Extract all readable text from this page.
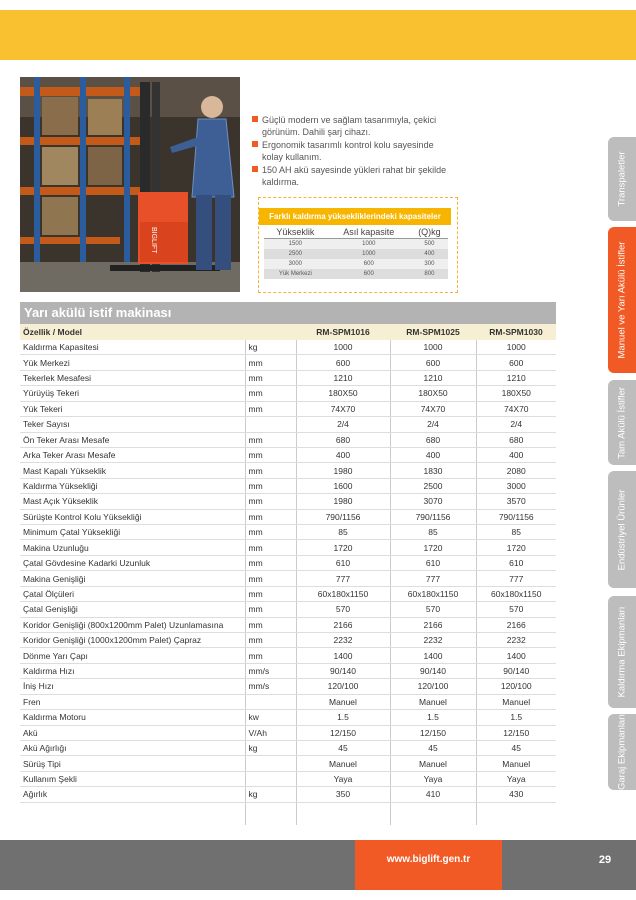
BIGLIFT
Güçlü modern ve sağlam tasarımıyla, çekici görünüm. Dahili şarj cihazı.
Ergonomik tasarımlı kontrol kolu sayesinde kolay kullanım.
150 AH akü sayesinde yükleri rahat bir şekilde kaldırma.
Farklı kaldırma yüksekliklerindeki kapasiteler
Yükseklik	Asıl kapasite	(Q)kg
1500	1000	500
2500	1000	400
3000	600	300
Yük Merkezi	600	800
Yarı akülü istif makinası
Özellik / Model		RM-SPM1016	RM-SPM1025	RM-SPM1030
Kaldırma Kapasitesi	kg	1000	1000	1000
Yük Merkezi	mm	600	600	600
Tekerlek Mesafesi	mm	1210	1210	1210
Yürüyüş Tekeri	mm	180X50	180X50	180X50
Yük Tekeri	mm	74X70	74X70	74X70
Teker Sayısı		2/4	2/4	2/4
Ön Teker Arası Mesafe	mm	680	680	680
Arka Teker Arası Mesafe	mm	400	400	400
Mast Kapalı Yükseklik	mm	1980	1830	2080
Kaldırma Yüksekliği	mm	1600	2500	3000
Mast Açık Yükseklik	mm	1980	3070	3570
Sürüşte Kontrol Kolu Yüksekliği	mm	790/1156	790/1156	790/1156
Minimum Çatal Yüksekliği	mm	85	85	85
Makina Uzunluğu	mm	1720	1720	1720
Çatal Gövdesine Kadarki Uzunluk	mm	610	610	610
Makina Genişliği	mm	777	777	777
Çatal Ölçüleri	mm	60x180x1150	60x180x1150	60x180x1150
Çatal Genişliği	mm	570	570	570
Koridor Genişliği (800x1200mm Palet) Uzunlamasına	mm	2166	2166	2166
Koridor Genişliği (1000x1200mm Palet) Çapraz	mm	2232	2232	2232
Dönme Yarı Çapı	mm	1400	1400	1400
Kaldırma Hızı	mm/s	90/140	90/140	90/140
İniş Hızı	mm/s	120/100	120/100	120/100
Fren		Manuel	Manuel	Manuel
Kaldırma Motoru	kw	1.5	1.5	1.5
Akü	V/Ah	12/150	12/150	12/150
Akü Ağırlığı	kg	45	45	45
Sürüş Tipi		Manuel	Manuel	Manuel
Kullanım Şekli		Yaya	Yaya	Yaya
Ağırlık	kg	350	410	430

Transpaletler
Manuel ve Yarı Akülü İstifler
Tam Akülü İstifler
Endüstriyel Ürünler
Kaldırma Ekipmanları
Garaj Ekipmanları
www.biglift.gen.tr	29
